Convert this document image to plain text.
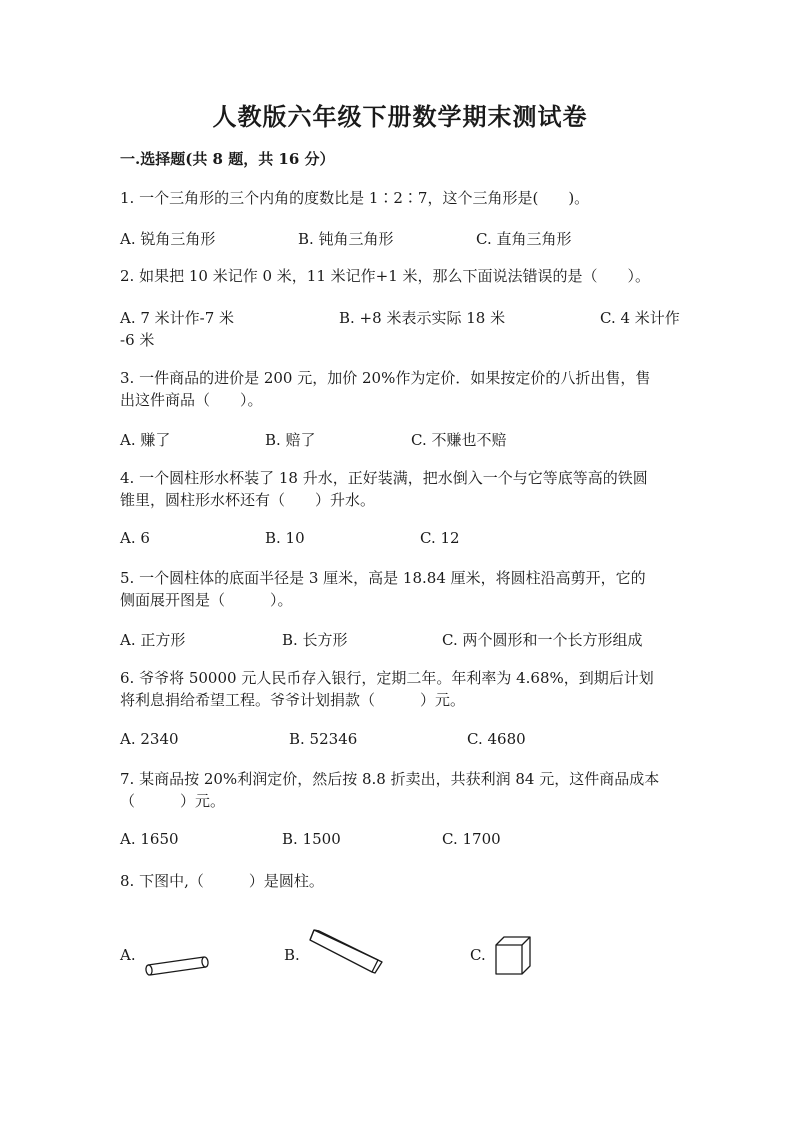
人教版六年级下册数学期末测试卷
一.选择题(共 8 题，共 16 分）
1. 一个三角形的三个内角的度数比是 1∶2∶7，这个三角形是(　　)。
A. 锐角三角形	B. 钝角三角形	C. 直角三角形
2. 如果把 10 米记作 0 米，11 米记作+1 米，那么下面说法错误的是（　　）。
A. 7 米计作-7 米	B. +8 米表示实际 18 米	C. 4 米计作
-6 米
3. 一件商品的进价是 200 元，加价 20%作为定价．如果按定价的八折出售，售
出这件商品（　　）。
A. 赚了	B. 赔了	C. 不赚也不赔
4. 一个圆柱形水杯装了 18 升水，正好装满，把水倒入一个与它等底等高的铁圆
锥里，圆柱形水杯还有（　　）升水。
A. 6	B. 10	C. 12
5. 一个圆柱体的底面半径是 3 厘米，高是 18.84 厘米，将圆柱沿高剪开，它的
侧面展开图是（　　　）。
A. 正方形	B. 长方形	C. 两个圆形和一个长方形组成
6. 爷爷将 50000 元人民币存入银行，定期二年。年利率为 4.68%，到期后计划
将利息捐给希望工程。爷爷计划捐款（　　　）元。
A. 2340	B. 52346	C. 4680
7. 某商品按 20%利润定价，然后按 8.8 折卖出，共获利润 84 元，这件商品成本
（　　　）元。
A. 1650	B. 1500	C. 1700
8. 下图中,（　　　）是圆柱。
A.	B.	C.
